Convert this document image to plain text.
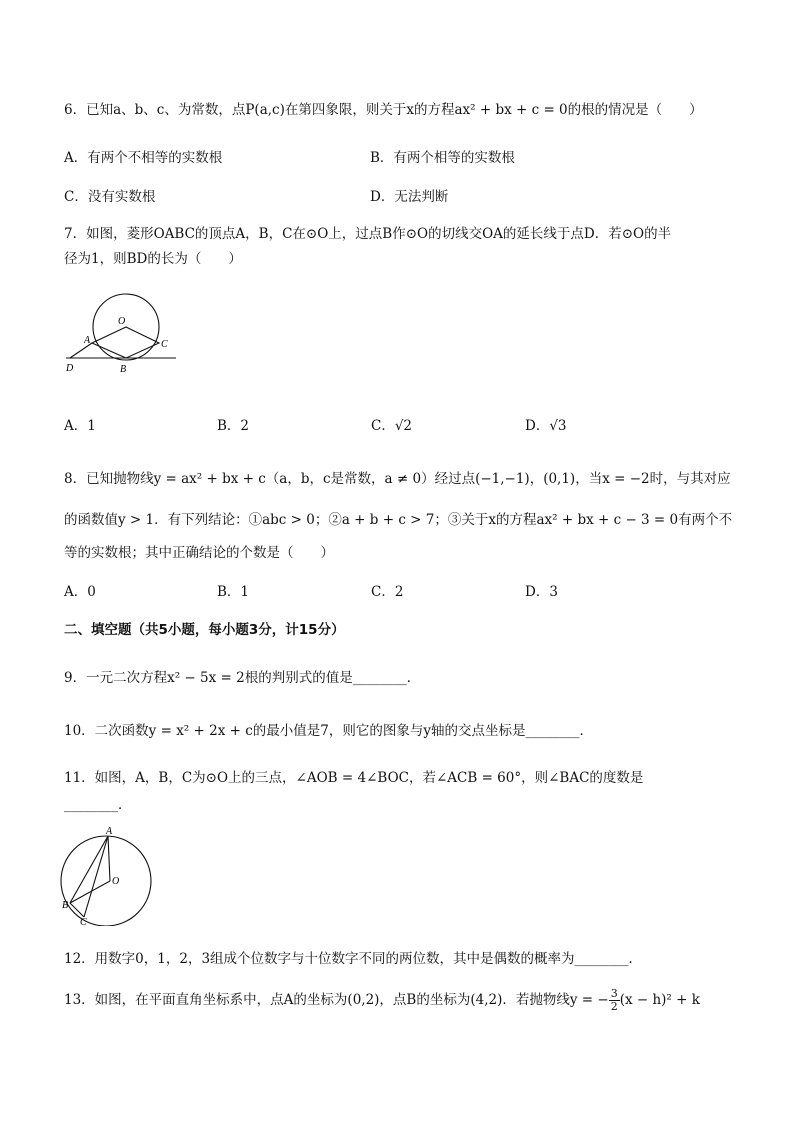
6．已知a、b、c、为常数，点P(a,c)在第四象限，则关于x的方程ax² + bx + c = 0的根的情况是（　　）
A．有两个不相等的实数根	B．有两个相等的实数根
C．没有实数根	D．无法判断
7．如图，菱形OABC的顶点A，B，C在⊙O上，过点B作⊙O的切线交OA的延长线于点D．若⊙O的半
径为1，则BD的长为（　　）
O
A	C
D	B
A．1	B．2	C．√2	D．√3
8．已知抛物线y = ax² + bx + c（a，b，c是常数，a ≠ 0）经过点(−1,−1)，(0,1)，当x = −2时，与其对应
的函数值y > 1．有下列结论：①abc > 0；②a + b + c > 7；③关于x的方程ax² + bx + c − 3 = 0有两个不
等的实数根；其中正确结论的个数是（　　）
A．0	B．1	C．2	D．3
二、填空题（共5小题，每小题3分，计15分）
9．一元二次方程x² − 5x = 2根的判别式的值是________．
10．二次函数y = x² + 2x + c的最小值是7，则它的图象与y轴的交点坐标是________．
11．如图，A，B，C为⊙O上的三点，∠AOB = 4∠BOC，若∠ACB = 60°，则∠BAC的度数是
________．
A
O
B
C
12．用数字0，1，2，3组成个位数字与十位数字不同的两位数，其中是偶数的概率为________．
13．如图，在平面直角坐标系中，点A的坐标为(0,2)，点B的坐标为(4,2)．若抛物线y = − $\frac{3}{2} (x - h)^2 + k$
